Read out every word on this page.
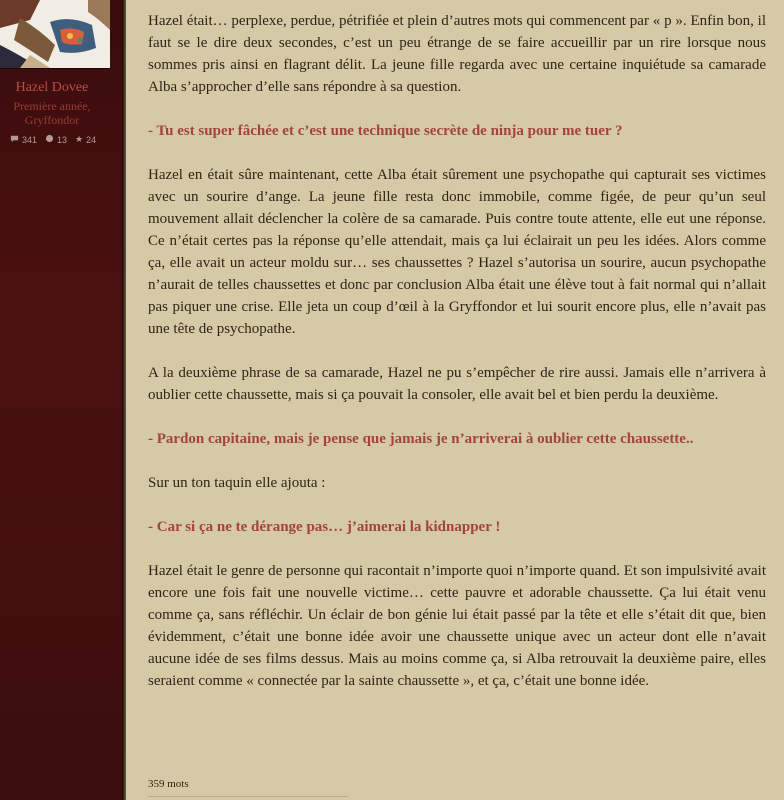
Hazel Dovee
Première année,
Gryffondor
341 13 ★ 24

Hazel était… perplexe, perdue, pétrifiée et plein d’autres mots qui commencent par « p ». Enfin bon, il faut se le dire deux secondes, c’est un peu étrange de se faire accueillir par un rire lorsque nous sommes pris ainsi en flagrant délit. La jeune fille regarda avec une certaine inquiétude sa camarade Alba s’approcher d’elle sans répondre à sa question.

- Tu est super fâchée et c’est une technique secrète de ninja pour me tuer ?

Hazel en était sûre maintenant, cette Alba était sûrement une psychopathe qui capturait ses victimes avec un sourire d’ange. La jeune fille resta donc immobile, comme figée, de peur qu’un seul mouvement allait déclencher la colère de sa camarade. Puis contre toute attente, elle eut une réponse. Ce n’était certes pas la réponse qu’elle attendait, mais ça lui éclairait un peu les idées. Alors comme ça, elle avait un acteur moldu sur… ses chaussettes ? Hazel s’autorisa un sourire, aucun psychopathe n’aurait de telles chaussettes et donc par conclusion Alba était une élève tout à fait normal qui n’allait pas piquer une crise. Elle jeta un coup d’œil à la Gryffondor et lui sourit encore plus, elle n’avait pas une tête de psychopathe.

A la deuxième phrase de sa camarade, Hazel ne pu s’empêcher de rire aussi. Jamais elle n’arrivera à oublier cette chaussette, mais si ça pouvait la consoler, elle avait bel et bien perdu la deuxième.

- Pardon capitaine, mais je pense que jamais je n’arriverai à oublier cette chaussette..

Sur un ton taquin elle ajouta :

- Car si ça ne te dérange pas… j’aimerai la kidnapper !

Hazel était le genre de personne qui racontait n’importe quoi n’importe quand. Et son impulsivité avait encore une fois fait une nouvelle victime… cette pauvre et adorable chaussette. Ça lui était venu comme ça, sans réfléchir. Un éclair de bon génie lui était passé par la tête et elle s’était dit que, bien évidemment, c’était une bonne idée avoir une chaussette unique avec un acteur dont elle n’avait aucune idée de ses films dessus. Mais au moins comme ça, si Alba retrouvait la deuxième paire, elles seraient comme « connectée par la sainte chaussette », et ça, c’était une bonne idée.

359 mots
